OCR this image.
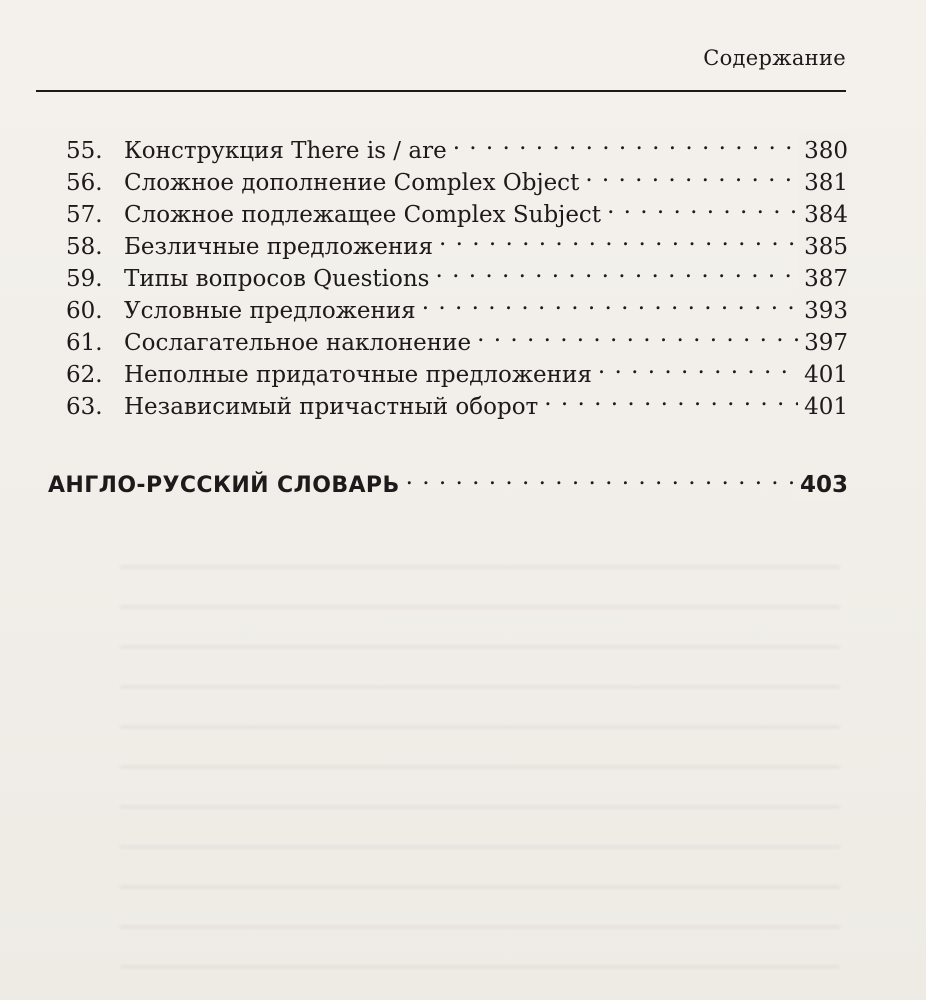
Содержание
55. Конструкция There is / are . . .	380
56. Сложное дополнение Complex Object . . .	381
57. Сложное подлежащее Complex Subject . . .	384
58. Безличные предложения . . .	385
59. Типы вопросов Questions . . .	387
60. Условные предложения . . .	393
61. Сослагательное наклонение . . .	397
62. Неполные придаточные предложения . . .	401
63. Независимый причастный оборот . . .	401
АНГЛО-РУССКИЙ СЛОВАРЬ . . .	403
